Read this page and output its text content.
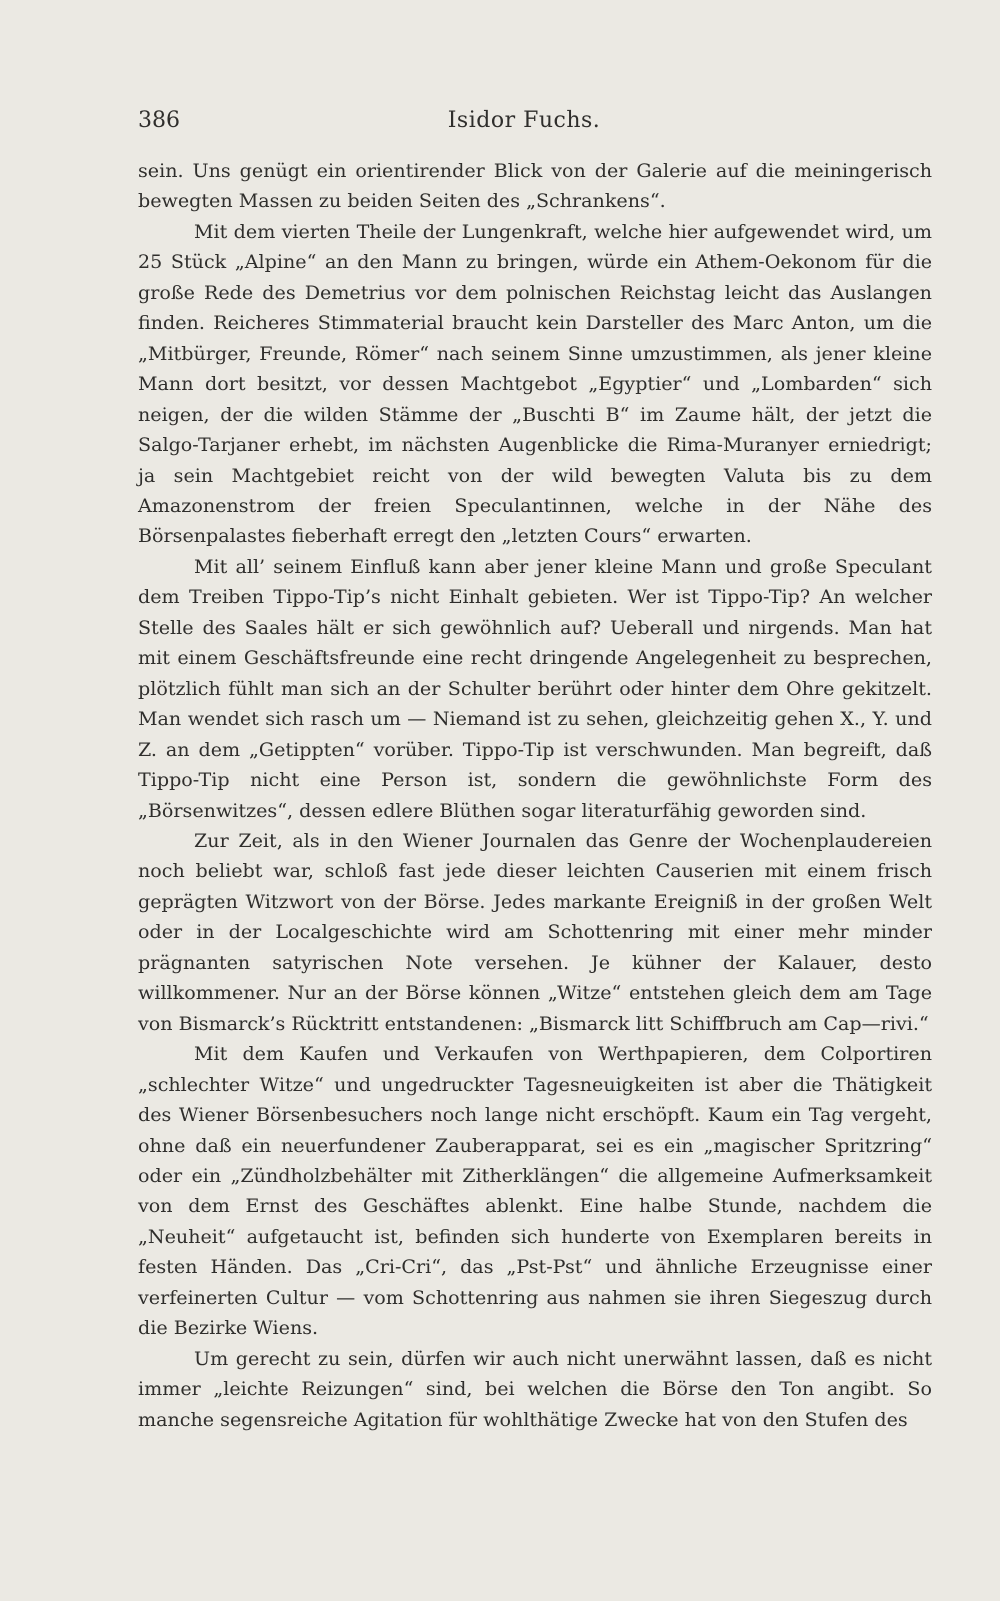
386	Isidor Fuchs.

sein. Uns genügt ein orientirender Blick von der Galerie auf die meiningerisch bewegten Massen zu beiden Seiten des „Schrankens“.

Mit dem vierten Theile der Lungenkraft, welche hier aufgewendet wird, um 25 Stück „Alpine“ an den Mann zu bringen, würde ein Athem-Oekonom für die große Rede des Demetrius vor dem polnischen Reichstag leicht das Auslangen finden. Reicheres Stimmaterial braucht kein Darsteller des Marc Anton, um die „Mitbürger, Freunde, Römer“ nach seinem Sinne umzustimmen, als jener kleine Mann dort besitzt, vor dessen Machtgebot „Egyptier“ und „Lombarden“ sich neigen, der die wilden Stämme der „Buschti B“ im Zaume hält, der jetzt die Salgo-Tarjaner erhebt, im nächsten Augenblicke die Rima-Muranyer erniedrigt; ja sein Machtgebiet reicht von der wild bewegten Valuta bis zu dem Amazonenstrom der freien Speculantinnen, welche in der Nähe des Börsenpalastes fieberhaft erregt den „letzten Cours“ erwarten.

Mit all’ seinem Einfluß kann aber jener kleine Mann und große Speculant dem Treiben Tippo-Tip’s nicht Einhalt gebieten. Wer ist Tippo-Tip? An welcher Stelle des Saales hält er sich gewöhnlich auf? Ueberall und nirgends. Man hat mit einem Geschäftsfreunde eine recht dringende Angelegenheit zu besprechen, plötzlich fühlt man sich an der Schulter berührt oder hinter dem Ohre gekitzelt. Man wendet sich rasch um — Niemand ist zu sehen, gleichzeitig gehen X., Y. und Z. an dem „Getippten“ vorüber. Tippo-Tip ist verschwunden. Man begreift, daß Tippo-Tip nicht eine Person ist, sondern die gewöhnlichste Form des „Börsenwitzes“, dessen edlere Blüthen sogar literaturfähig geworden sind.

Zur Zeit, als in den Wiener Journalen das Genre der Wochenplaudereien noch beliebt war, schloß fast jede dieser leichten Causerien mit einem frisch geprägten Witzwort von der Börse. Jedes markante Ereigniß in der großen Welt oder in der Localgeschichte wird am Schottenring mit einer mehr minder prägnanten satyrischen Note versehen. Je kühner der Kalauer, desto willkommener. Nur an der Börse können „Witze“ entstehen gleich dem am Tage von Bismarck’s Rücktritt entstandenen: „Bismarck litt Schiffbruch am Cap—rivi.“

Mit dem Kaufen und Verkaufen von Werthpapieren, dem Colportiren „schlechter Witze“ und ungedruckter Tagesneuigkeiten ist aber die Thätigkeit des Wiener Börsenbesuchers noch lange nicht erschöpft. Kaum ein Tag vergeht, ohne daß ein neuerfundener Zauberapparat, sei es ein „magischer Spritzring“ oder ein „Zündholzbehälter mit Zitherklängen“ die allgemeine Aufmerksamkeit von dem Ernst des Geschäftes ablenkt. Eine halbe Stunde, nachdem die „Neuheit“ aufgetaucht ist, befinden sich hunderte von Exemplaren bereits in festen Händen. Das „Cri-Cri“, das „Pst-Pst“ und ähnliche Erzeugnisse einer verfeinerten Cultur — vom Schottenring aus nahmen sie ihren Siegeszug durch die Bezirke Wiens.

Um gerecht zu sein, dürfen wir auch nicht unerwähnt lassen, daß es nicht immer „leichte Reizungen“ sind, bei welchen die Börse den Ton angibt. So manche segensreiche Agitation für wohlthätige Zwecke hat von den Stufen des
